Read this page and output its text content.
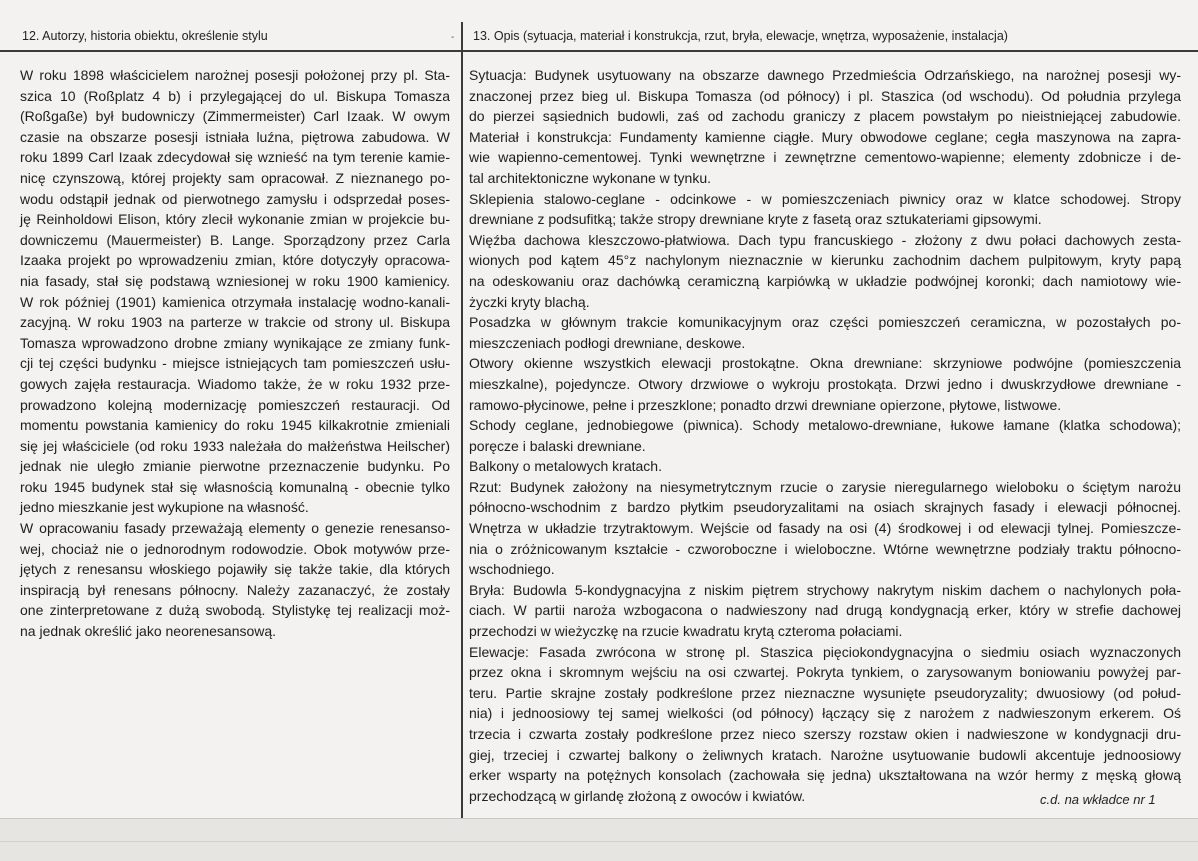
12. Autorzy, historia obiektu, określenie stylu	- 13. Opis (sytuacja, materiał i konstrukcja, rzut, bryła, elewacje, wnętrza, wyposażenie, instalacja)
W roku 1898 właścicielem narożnej posesji położonej przy pl. Sta-
szica 10 (Roßplatz 4 b) i przylegającej do ul. Biskupa Tomasza
(Roßgaße) był budowniczy (Zimmermeister) Carl Izaak. W owym
czasie na obszarze posesji istniała luźna, piętrowa zabudowa. W
roku 1899 Carl Izaak zdecydował się wznieść na tym terenie kamie-
nicę czynszową, której projekty sam opracował. Z nieznanego po-
wodu odstąpił jednak od pierwotnego zamysłu i odsprzedał poses-
ję Reinholdowi Elison, który zlecił wykonanie zmian w projekcie bu-
downiczemu (Mauermeister) B. Lange. Sporządzony przez Carla
Izaaka projekt po wprowadzeniu zmian, które dotyczyły opracowa-
nia fasady, stał się podstawą wzniesionej w roku 1900 kamienicy.
W rok później (1901) kamienica otrzymała instalację wodno-kanali-
zacyjną. W roku 1903 na parterze w trakcie od strony ul. Biskupa
Tomasza wprowadzono drobne zmiany wynikające ze zmiany funk-
cji tej części budynku - miejsce istniejących tam pomieszczeń usłu-
gowych zajęła restauracja. Wiadomo także, że w roku 1932 prze-
prowadzono kolejną modernizację pomieszczeń restauracji. Od
momentu powstania kamienicy do roku 1945 kilkakrotnie zmieniali
się jej właściciele (od roku 1933 należała do małżeństwa Heilscher)
jednak nie uległo zmianie pierwotne przeznaczenie budynku. Po
roku 1945 budynek stał się własnością komunalną - obecnie tylko
jedno mieszkanie jest wykupione na własność.
W opracowaniu fasady przeważają elementy o genezie renesanso-
wej, chociaż nie o jednorodnym rodowodzie. Obok motywów prze-
jętych z renesansu włoskiego pojawiły się także takie, dla których
inspiracją był renesans północny. Należy zazanaczyć, że zostały
one zinterpretowane z dużą swobodą. Stylistykę tej realizacji moż-
na jednak określić jako neorenesansową.
Sytuacja: Budynek usytuowany na obszarze dawnego Przedmieścia Odrzańskiego, na narożnej posesji wy-
znaczonej przez bieg ul. Biskupa Tomasza (od północy) i pl. Staszica (od wschodu). Od południa przylega
do pierzei sąsiednich budowli, zaś od zachodu graniczy z placem powstałym po nieistniejącej zabudowie.
Materiał i konstrukcja: Fundamenty kamienne ciągłe. Mury obwodowe ceglane; cegła maszynowa na zapra-
wie wapienno-cementowej. Tynki wewnętrzne i zewnętrzne cementowo-wapienne; elementy zdobnicze i de-
tal architektoniczne wykonane w tynku.
Sklepienia stalowo-ceglane - odcinkowe - w pomieszczeniach piwnicy oraz w klatce schodowej. Stropy
drewniane z podsufitką; także stropy drewniane kryte z fasetą oraz sztukateriami gipsowymi.
Więźba dachowa kleszczowo-płatwiowa. Dach typu francuskiego - złożony z dwu połaci dachowych zesta-
wionych pod kątem 45°z nachylonym nieznacznie w kierunku zachodnim dachem pulpitowym, kryty papą
na odeskowaniu oraz dachówką ceramiczną karpiówką w układzie podwójnej koronki; dach namiotowy wie-
życzki kryty blachą.
Posadzka w głównym trakcie komunikacyjnym oraz części pomieszczeń ceramiczna, w pozostałych po-
mieszczeniach podłogi drewniane, deskowe.
Otwory okienne wszystkich elewacji prostokątne. Okna drewniane: skrzyniowe podwójne (pomieszczenia
mieszkalne), pojedyncze. Otwory drzwiowe o wykroju prostokąta. Drzwi jedno i dwuskrzydłowe drewniane -
ramowo-płycinowe, pełne i przeszklone; ponadto drzwi drewniane opierzone, płytowe, listwowe.
Schody ceglane, jednobiegowe (piwnica). Schody metalowo-drewniane, łukowe łamane (klatka schodowa);
poręcze i balaski drewniane.
Balkony o metalowych kratach.
Rzut: Budynek założony na niesymetrytcznym rzucie o zarysie nieregularnego wieloboku o ściętym narożu
północno-wschodnim z bardzo płytkim pseudoryzalitami na osiach skrajnych fasady i elewacji północnej.
Wnętrza w układzie trzytraktowym. Wejście od fasady na osi (4) środkowej i od elewacji tylnej. Pomieszcze-
nia o zróżnicowanym kształcie - czworoboczne i wieloboczne. Wtórne wewnętrzne podziały traktu północno-
wschodniego.
Bryła: Budowla 5-kondygnacyjna z niskim piętrem strychowy nakrytym niskim dachem o nachylonych poła-
ciach. W partii naroża wzbogacona o nadwieszony nad drugą kondygnacją erker, który w strefie dachowej
przechodzi w wieżyczkę na rzucie kwadratu krytą czteroma połaciami.
Elewacje: Fasada zwrócona w stronę pl. Staszica pięciokondygnacyjna o siedmiu osiach wyznaczonych
przez okna i skromnym wejściu na osi czwartej. Pokryta tynkiem, o zarysowanym boniowaniu powyżej par-
teru. Partie skrajne zostały podkreślone przez nieznaczne wysunięte pseudoryzality; dwuosiowy (od połud-
nia) i jednoosiowy tej samej wielkości (od północy) łączący się z narożem z nadwieszonym erkerem. Oś
trzecia i czwarta zostały podkreślone przez nieco szerszy rozstaw okien i nadwieszone w kondygnacji dru-
giej, trzeciej i czwartej balkony o żeliwnych kratach. Narożne usytuowanie budowli akcentuje jednoosiowy
erker wsparty na potężnych konsolach (zachowała się jedna) ukształtowana na wzór hermy z męską głową
przechodzącą w girlandę złożoną z owoców i kwiatów.	c.d. na wkładce nr 1
